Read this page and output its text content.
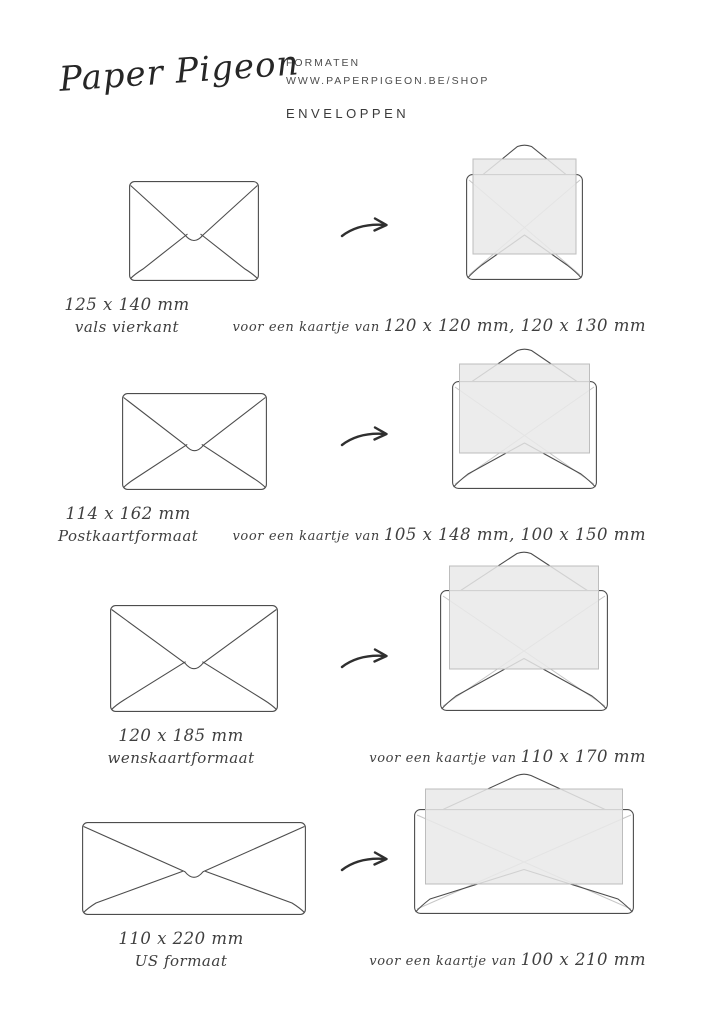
Paper Pigeon
FORMATEN
WWW.PAPERPIGEON.BE/SHOP
ENVELOPPEN
125 x 140 mm
vals vierkant	voor een kaartje van 120 x 120 mm, 120 x 130 mm
114 x 162 mm
Postkaartformaat	voor een kaartje van 105 x 148 mm, 100 x 150 mm
120 x 185 mm
wenskaartformaat	voor een kaartje van 110 x 170 mm
110 x 220 mm
US formaat	voor een kaartje van 100 x 210 mm
